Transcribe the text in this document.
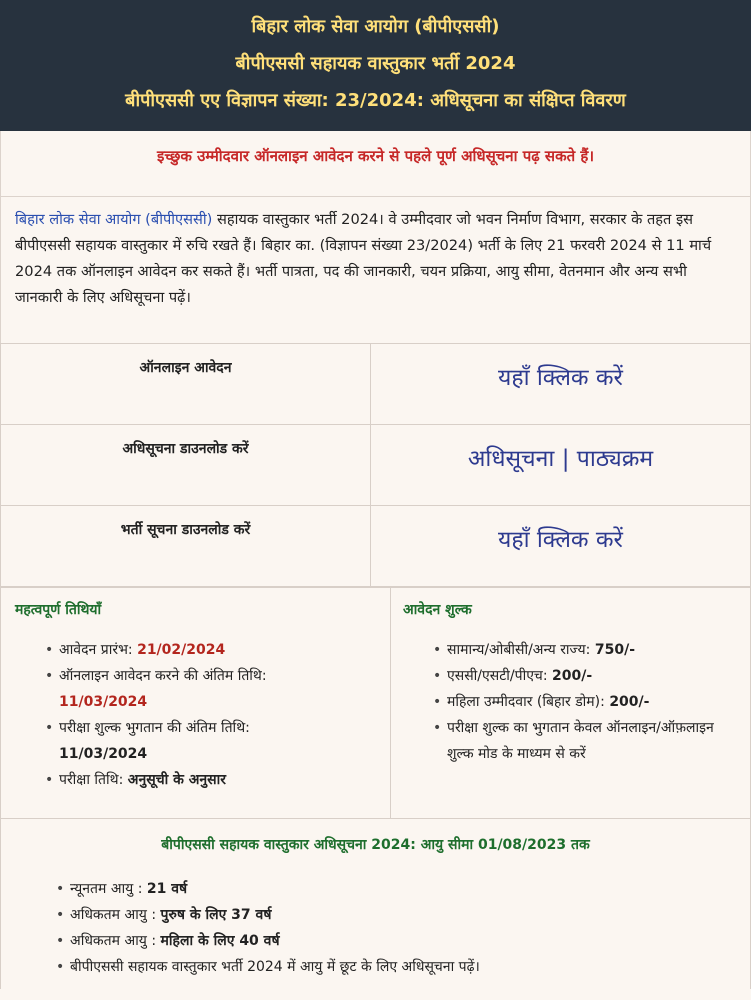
बिहार लोक सेवा आयोग (बीपीएससी)
बीपीएससी सहायक वास्तुकार भर्ती 2024
बीपीएससी एए विज्ञापन संख्या: 23/2024: अधिसूचना का संक्षिप्त विवरण

इच्छुक उम्मीदवार ऑनलाइन आवेदन करने से पहले पूर्ण अधिसूचना पढ़ सकते हैं।

बिहार लोक सेवा आयोग (बीपीएससी) सहायक वास्तुकार भर्ती 2024। वे उम्मीदवार जो भवन निर्माण विभाग, सरकार के तहत इस बीपीएससी सहायक वास्तुकार में रुचि रखते हैं। बिहार का. (विज्ञापन संख्या 23/2024) भर्ती के लिए 21 फरवरी 2024 से 11 मार्च 2024 तक ऑनलाइन आवेदन कर सकते हैं। भर्ती पात्रता, पद की जानकारी, चयन प्रक्रिया, आयु सीमा, वेतनमान और अन्य सभी जानकारी के लिए अधिसूचना पढ़ें।
ऑनलाइन आवेदन	यहाँ क्लिक करें
अधिसूचना डाउनलोड करें	अधिसूचना | पाठ्यक्रम
भर्ती सूचना डाउनलोड करें	यहाँ क्लिक करें
महत्वपूर्ण तिथियाँ
• आवेदन प्रारंभ: 21/02/2024
• ऑनलाइन आवेदन करने की अंतिम तिथि:
11/03/2024
• परीक्षा शुल्क भुगतान की अंतिम तिथि:
11/03/2024
• परीक्षा तिथि: अनुसूची के अनुसार
आवेदन शुल्क
• सामान्य/ओबीसी/अन्य राज्य: 750/-
• एससी/एसटी/पीएच: 200/-
• महिला उम्मीदवार (बिहार डोम): 200/-
• परीक्षा शुल्क का भुगतान केवल ऑनलाइन/ऑफ़लाइन शुल्क मोड के माध्यम से करें
बीपीएससी सहायक वास्तुकार अधिसूचना 2024: आयु सीमा 01/08/2023 तक
• न्यूनतम आयु : 21 वर्ष
• अधिकतम आयु : पुरुष के लिए 37 वर्ष
• अधिकतम आयु : महिला के लिए 40 वर्ष
• बीपीएससी सहायक वास्तुकार भर्ती 2024 में आयु में छूट के लिए अधिसूचना पढ़ें।
